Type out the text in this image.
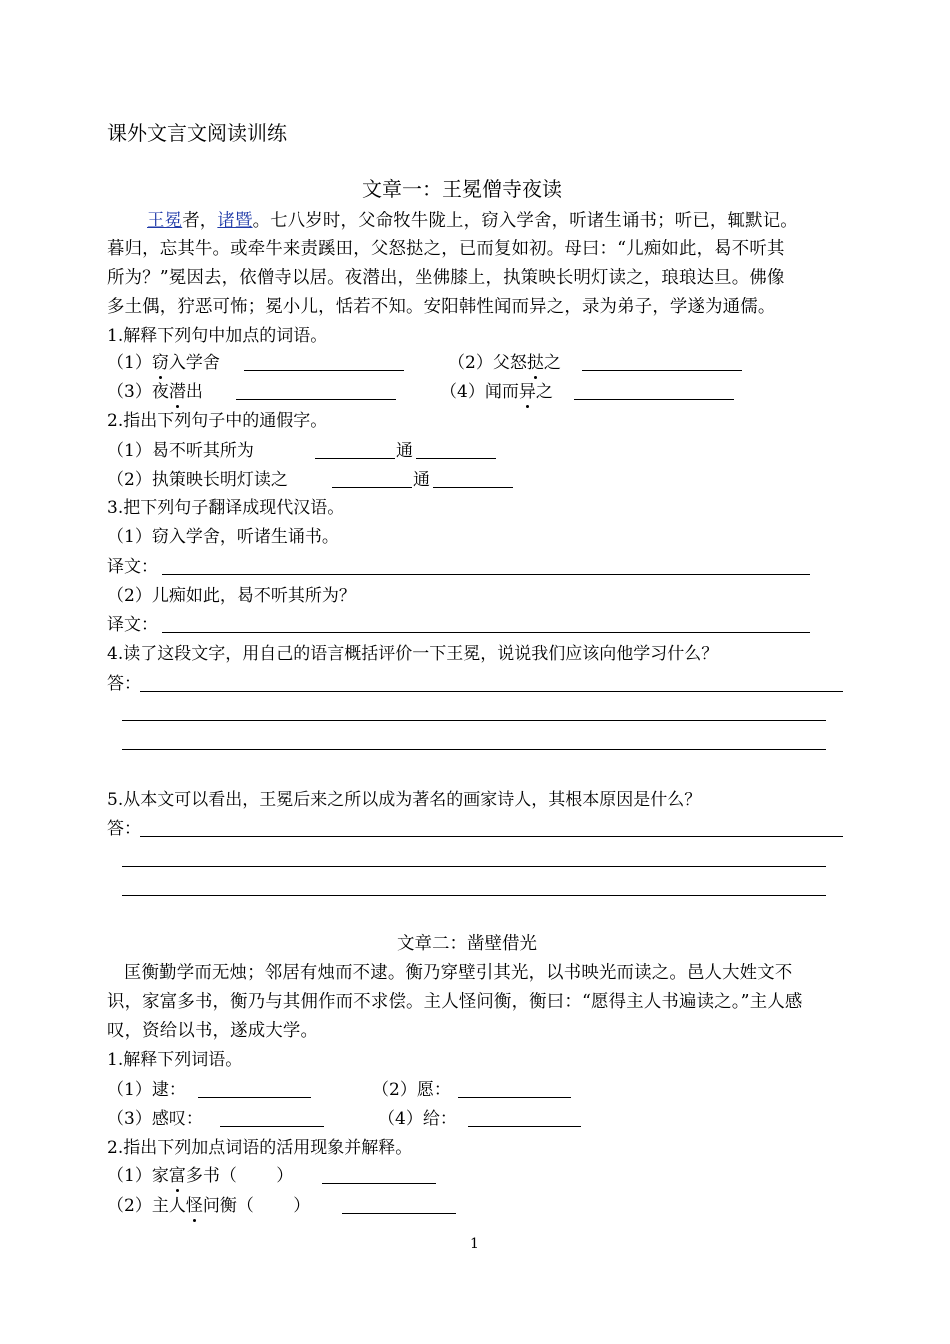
课外文言文阅读训练
文章一：王冕僧寺夜读
王冕者，诸暨。七八岁时，父命牧牛陇上，窃入学舍，听诸生诵书；听已，辄默记。
暮归，忘其牛。或牵牛来责蹊田，父怒挞之，已而复如初。母曰：“儿痴如此，曷不听其
所为？”冕因去，依僧寺以居。夜潜出，坐佛膝上，执策映长明灯读之，琅琅达旦。佛像
多土偶，狞恶可怖；冕小儿，恬若不知。安阳韩性闻而异之，录为弟子，学遂为通儒。
1.解释下列句中加点的词语。
（1）窃入学舍	（2）父怒挞之
（3）夜潜出	（4）闻而异之
2.指出下列句子中的通假字。
（1）曷不听其所为	通
（2）执策映长明灯读之	通
3.把下列句子翻译成现代汉语。
（1）窃入学舍，听诸生诵书。
译文：
（2）儿痴如此，曷不听其所为？
译文：
4.读了这段文字，用自己的语言概括评价一下王冕，说说我们应该向他学习什么？
答：
5.从本文可以看出，王冕后来之所以成为著名的画家诗人，其根本原因是什么？
答：
文章二：凿壁借光
匡衡勤学而无烛；邻居有烛而不逮。衡乃穿壁引其光，以书映光而读之。邑人大姓文不
识，家富多书，衡乃与其佣作而不求偿。主人怪问衡，衡曰：“愿得主人书遍读之。”主人感
叹，资给以书，遂成大学。
1.解释下列词语。
（1）逮：	（2）愿：
（3）感叹：	（4）给：
2.指出下列加点词语的活用现象并解释。
（1）家富多书（　　 ）
（2）主人怪问衡（　　 ）
1
